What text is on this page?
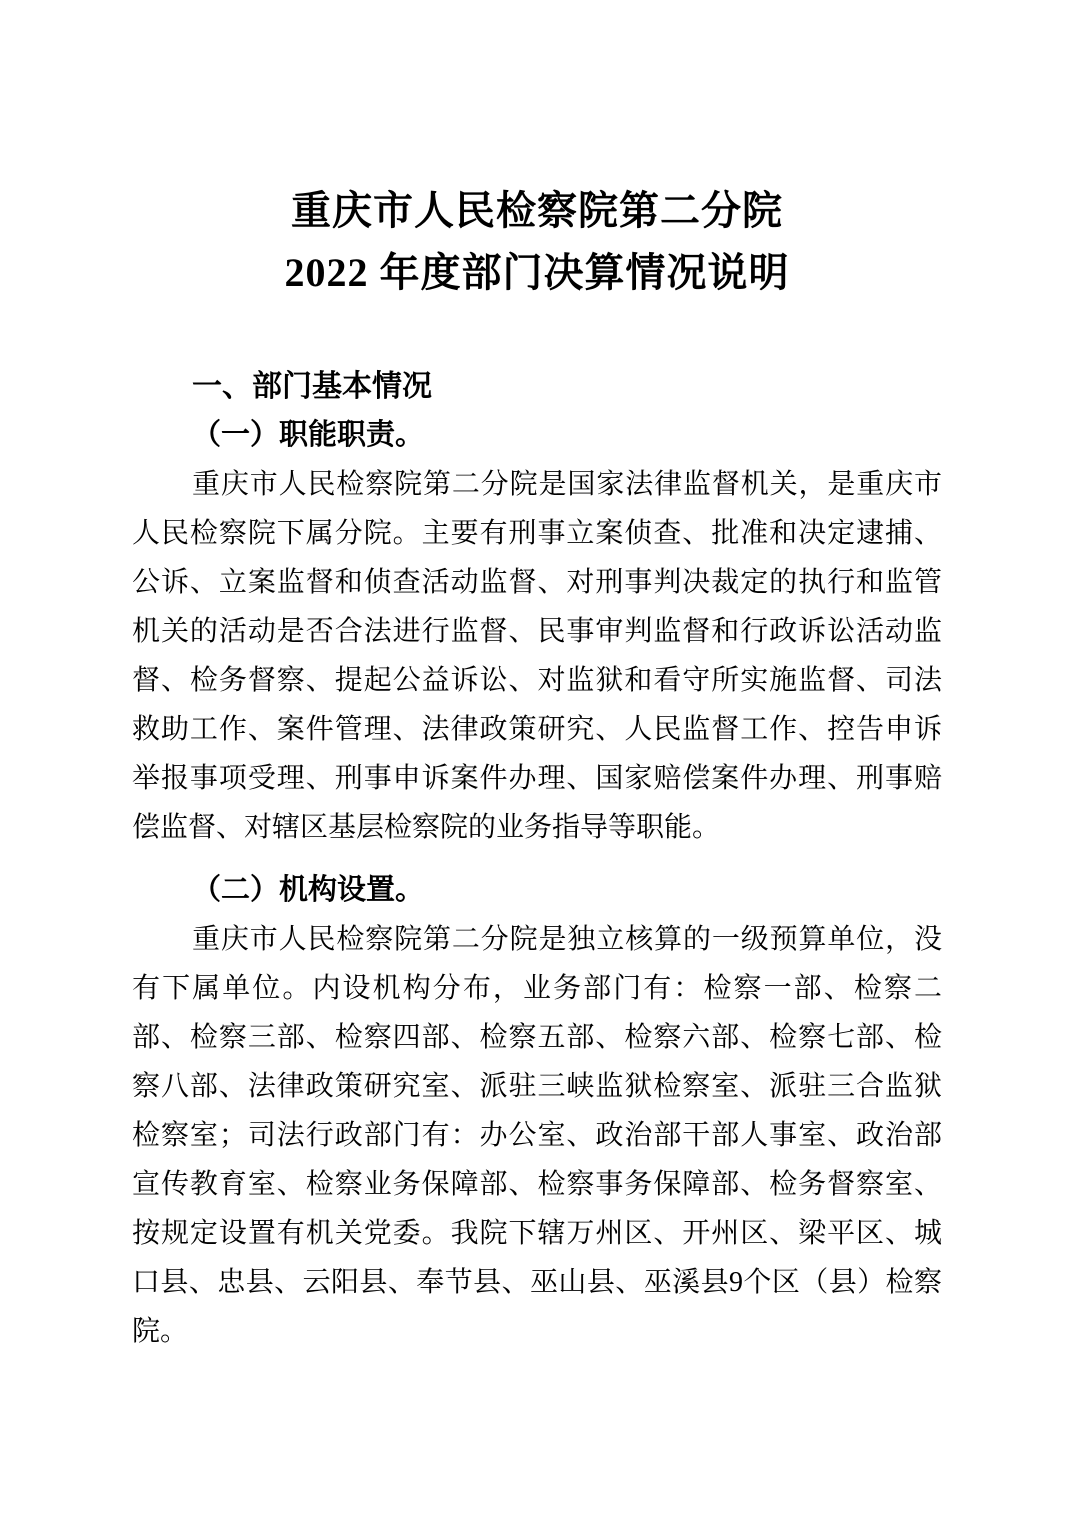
重庆市人民检察院第二分院
2022 年度部门决算情况说明
一、部门基本情况
（一）职能职责。

重庆市人民检察院第二分院是国家法律监督机关，是重庆市人民检察院下属分院。主要有刑事立案侦查、批准和决定逮捕、公诉、立案监督和侦查活动监督、对刑事判决裁定的执行和监管机关的活动是否合法进行监督、民事审判监督和行政诉讼活动监督、检务督察、提起公益诉讼、对监狱和看守所实施监督、司法救助工作、案件管理、法律政策研究、人民监督工作、控告申诉举报事项受理、刑事申诉案件办理、国家赔偿案件办理、刑事赔偿监督、对辖区基层检察院的业务指导等职能。

（二）机构设置。

重庆市人民检察院第二分院是独立核算的一级预算单位，没有下属单位。内设机构分布，业务部门有：检察一部、检察二部、检察三部、检察四部、检察五部、检察六部、检察七部、检察八部、法律政策研究室、派驻三峡监狱检察室、派驻三合监狱检察室；司法行政部门有：办公室、政治部干部人事室、政治部宣传教育室、检察业务保障部、检察事务保障部、检务督察室、按规定设置有机关党委。我院下辖万州区、开州区、梁平区、城口县、忠县、云阳县、奉节县、巫山县、巫溪县9个区（县）检察院。
